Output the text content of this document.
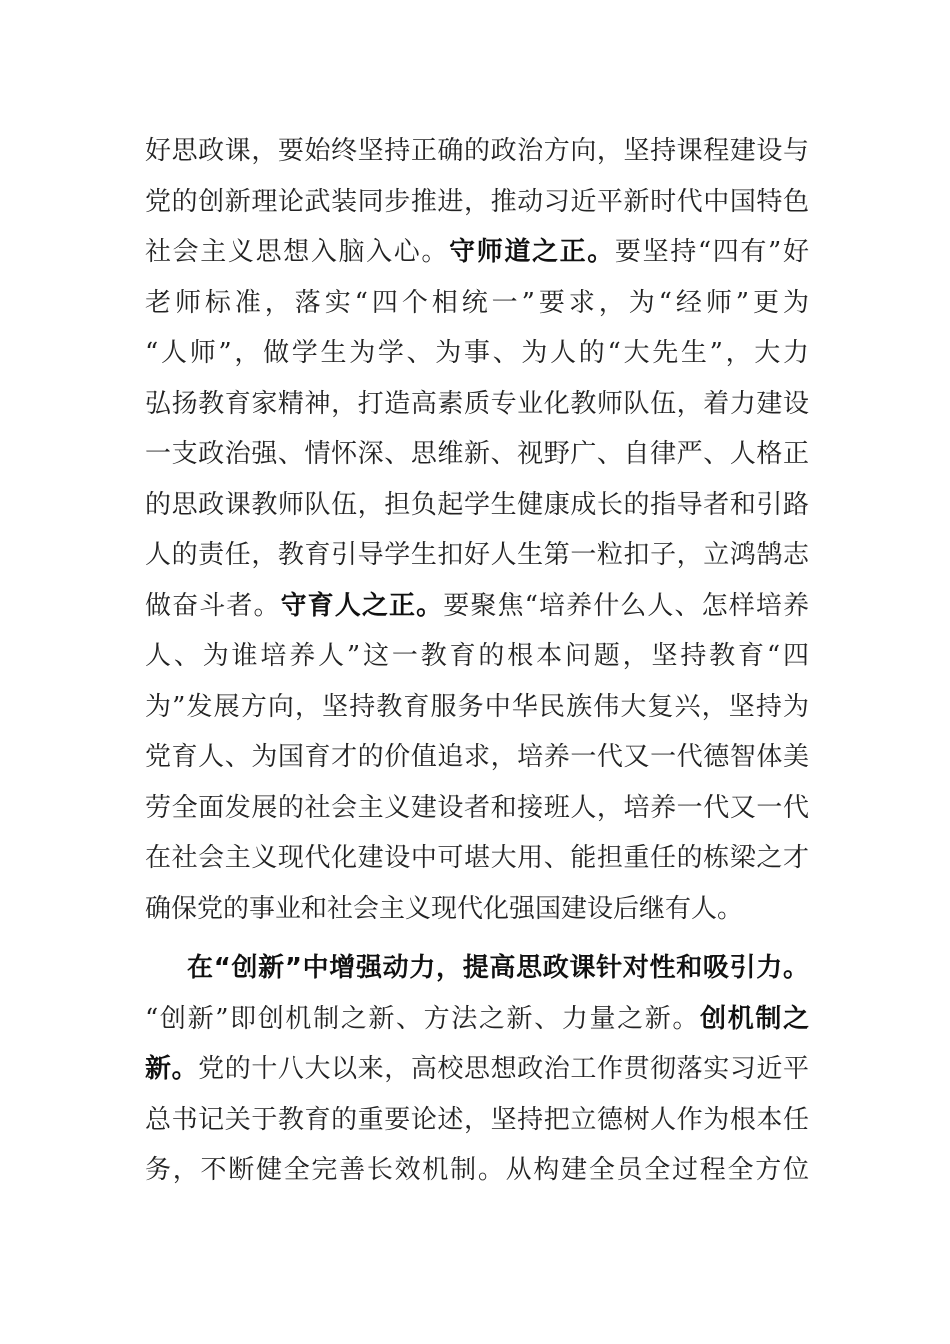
好思政课，要始终坚持正确的政治方向，坚持课程建设与
党的创新理论武装同步推进，推动习近平新时代中国特色
社会主义思想入脑入心。守师道之正。要坚持“四有”好
老师标准，落实“四个相统一”要求，为“经师”更为
“人师”，做学生为学、为事、为人的“大先生”，大力
弘扬教育家精神，打造高素质专业化教师队伍，着力建设
一支政治强、情怀深、思维新、视野广、自律严、人格正
的思政课教师队伍，担负起学生健康成长的指导者和引路
人的责任，教育引导学生扣好人生第一粒扣子，立鸿鹄志
做奋斗者。守育人之正。要聚焦“培养什么人、怎样培养
人、为谁培养人”这一教育的根本问题，坚持教育“四
为”发展方向，坚持教育服务中华民族伟大复兴，坚持为
党育人、为国育才的价值追求，培养一代又一代德智体美
劳全面发展的社会主义建设者和接班人，培养一代又一代
在社会主义现代化建设中可堪大用、能担重任的栋梁之才
确保党的事业和社会主义现代化强国建设后继有人。
在“创新”中增强动力，提高思政课针对性和吸引力。
“创新”即创机制之新、方法之新、力量之新。创机制之
新。党的十八大以来，高校思想政治工作贯彻落实习近平
总书记关于教育的重要论述，坚持把立德树人作为根本任
务，不断健全完善长效机制。从构建全员全过程全方位
